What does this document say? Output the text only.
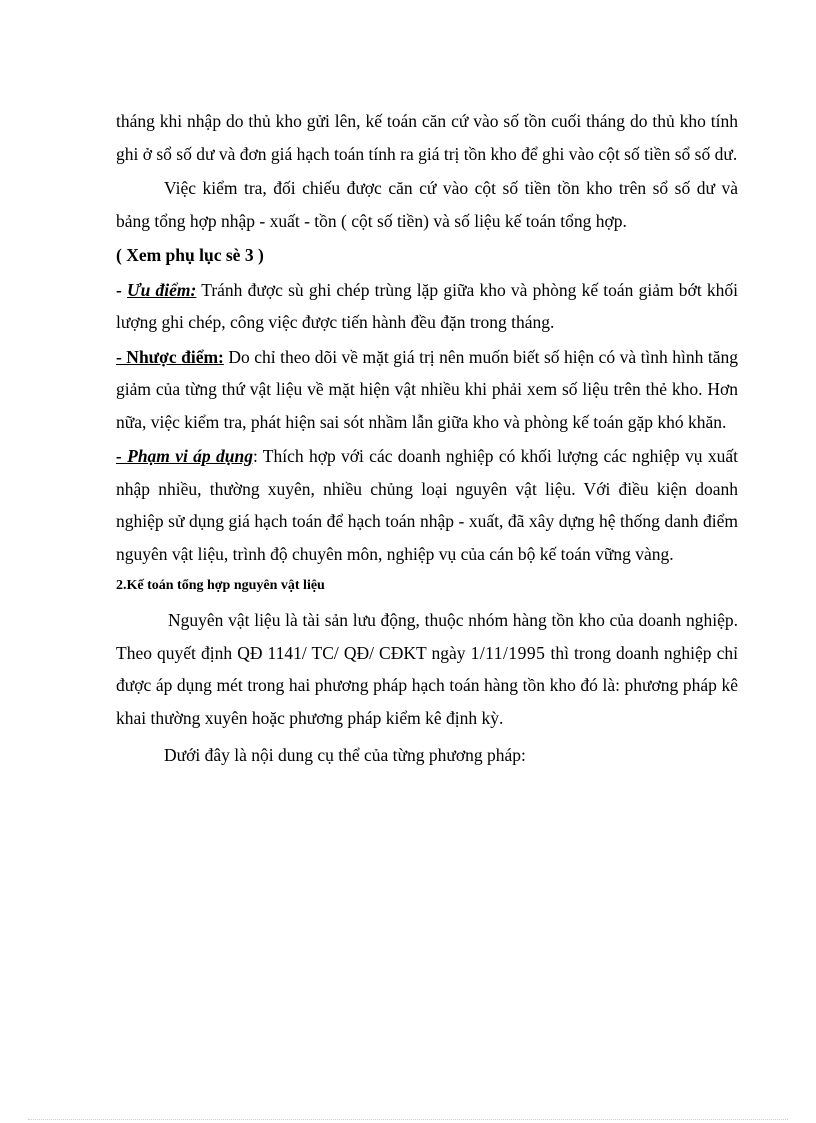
tháng khi nhập do thủ kho gửi lên, kế toán căn cứ vào số tồn cuối tháng do thủ kho tính ghi ở sổ số dư và đơn giá hạch toán tính ra giá trị tồn kho để ghi vào cột số tiền sổ số dư.

Việc kiểm tra, đối chiếu được căn cứ vào cột số tiền tồn kho trên sổ số dư và bảng tổng hợp nhập - xuất - tồn ( cột số tiền) và số liệu kế toán tổng hợp.

( Xem phụ lục sè 3 )

- Ưu điểm: Tránh được sù ghi chép trùng lặp giữa kho và phòng kế toán giảm bớt khối lượng ghi chép, công việc được tiến hành đều đặn trong tháng.

- Nhược điểm: Do chỉ theo dõi về mặt giá trị nên muốn biết số hiện có và tình hình tăng giảm của từng thứ vật liệu về mặt hiện vật nhiều khi phải xem số liệu trên thẻ kho. Hơn nữa, việc kiểm tra, phát hiện sai sót nhầm lẫn giữa kho và phòng kế toán gặp khó khăn.

- Phạm vi áp dụng: Thích hợp với các doanh nghiệp có khối lượng các nghiệp vụ xuất nhập nhiều, thường xuyên, nhiều chủng loại nguyên vật liệu. Với điều kiện doanh nghiệp sử dụng giá hạch toán để hạch toán nhập - xuất, đã xây dựng hệ thống danh điểm nguyên vật liệu, trình độ chuyên môn, nghiệp vụ của cán bộ kế toán vững vàng.

2.Kế toán tổng hợp nguyên vật liệu

Nguyên vật liệu là tài sản lưu động, thuộc nhóm hàng tồn kho của doanh nghiệp. Theo quyết định QĐ 1141/ TC/ QĐ/ CĐKT ngày 1/11/1995 thì trong doanh nghiệp chỉ được áp dụng mét trong hai phương pháp hạch toán hàng tồn kho đó là: phương pháp kê khai thường xuyên hoặc phương pháp kiểm kê định kỳ.

Dưới đây là nội dung cụ thể của từng phương pháp:
